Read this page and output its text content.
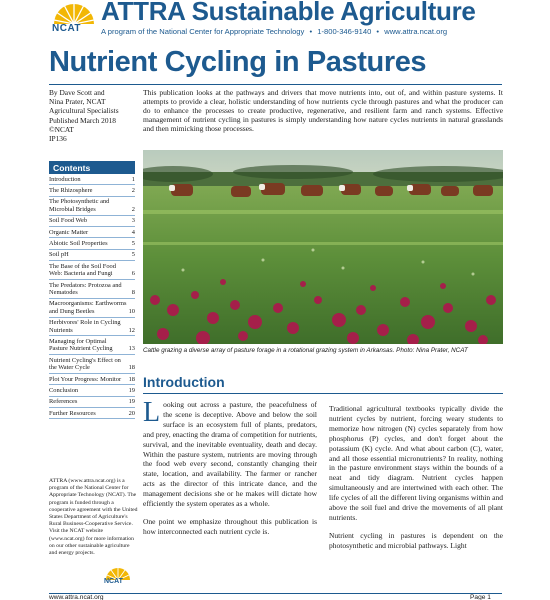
NCAT
ATTRA Sustainable Agriculture
A program of the National Center for Appropriate Technology • 1-800-346-9140 • www.attra.ncat.org
Nutrient Cycling in Pastures
By Dave Scott and
Nina Prater, NCAT
Agricultural Specialists
Published March 2018
©NCAT
IP136
Contents
Introduction	1
The Rhizosphere	2
The Photosynthetic and Microbial Bridges	2
Soil Food Web	3
Organic Matter	4
Abiotic Soil Properties	5
Soil pH	5
The Base of the Soil Food Web: Bacteria and Fungi	6
The Predators: Protozoa and Nematodes	8
Macroorganisms: Earthworms and Dung Beetles	10
Herbivores' Role in Cycling Nutrients	12
Managing for Optimal Pasture Nutrient Cycling	13
Nutrient Cycling's Effect on the Water Cycle	18
Plot Your Progress: Monitor	18
Conclusion	19
References	19
Further Resources	20
ATTRA (www.attra.ncat.org) is a program of the National Center for Appropriate Technology (NCAT). The program is funded through a cooperative agreement with the United States Department of Agriculture's Rural Business-Cooperative Service. Visit the NCAT website (www.ncat.org) for more information on our other sustainable agriculture and energy projects.
NCAT

This publication looks at the pathways and drivers that move nutrients into, out of, and within pasture systems. It attempts to provide a clear, holistic understanding of how nutrients cycle through pastures and what the producer can do to enhance the processes to create productive, regenerative, and resilient farm and ranch systems. Effective management of nutrient cycling in pastures is simply understanding how nature cycles nutrients in natural grasslands and then mimicking those processes.

Cattle grazing a diverse array of pasture forage in a rotational grazing system in Arkansas. Photo: Nina Prater, NCAT
Introduction

Looking out across a pasture, the peacefulness of the scene is deceptive. Above and below the soil surface is an ecosystem full of plants, predators, and prey, enacting the drama of competition for nutrients, survival, and the inevitable eventuality, death and decay. Within the pasture system, nutrients are moving through the food web every second, constantly changing their state, location, and availability. The farmer or rancher acts as the director of this intricate dance, and the management decisions she or he makes will dictate how efficiently the system operates as a whole.

One point we emphasize throughout this publication is how interconnected each nutrient cycle is.

Traditional agricultural textbooks typically divide the nutrient cycles by nutrient, forcing weary students to memorize how nitrogen (N) cycles separately from how phosphorus (P) cycles, and don't forget about the potassium (K) cycle. And what about carbon (C), water, and all those essential micronutrients? In reality, nothing in the pasture environment stays within the bounds of a neat and tidy diagram. Nutrient cycles happen simultaneously and are intertwined with each other. The life cycles of all the different living organisms within and above the soil fuel and drive the movements of all plant nutrients.

Nutrient cycling in pastures is dependent on the photosynthetic and microbial pathways. Light

www.attra.ncat.org	Page 1
